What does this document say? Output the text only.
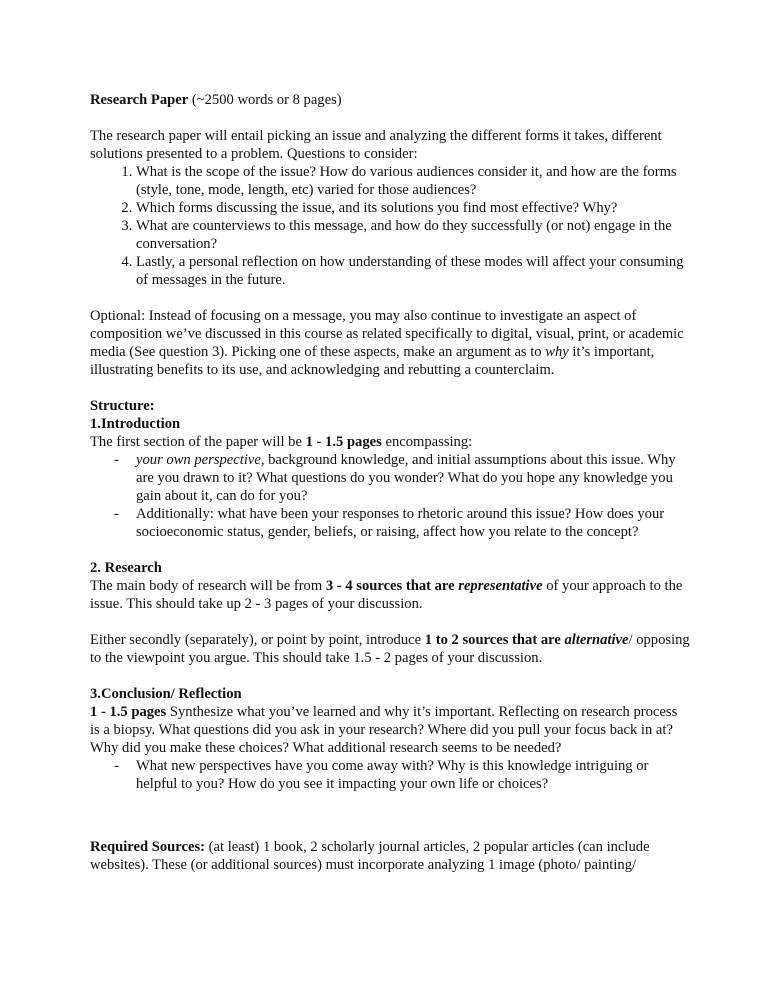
Research Paper (~2500 words or 8 pages)

The research paper will entail picking an issue and analyzing the different forms it takes, different solutions presented to a problem. Questions to consider:

1. What is the scope of the issue? How do various audiences consider it, and how are the forms (style, tone, mode, length, etc) varied for those audiences?
2. Which forms discussing the issue, and its solutions you find most effective? Why?
3. What are counterviews to this message, and how do they successfully (or not) engage in the conversation?
4. Lastly, a personal reflection on how understanding of these modes will affect your consuming of messages in the future.

Optional: Instead of focusing on a message, you may also continue to investigate an aspect of composition we’ve discussed in this course as related specifically to digital, visual, print, or academic media (See question 3). Picking one of these aspects, make an argument as to why it’s important, illustrating benefits to its use, and acknowledging and rebutting a counterclaim.

Structure:

1.Introduction

The first section of the paper will be 1 - 1.5 pages encompassing:

- your own perspective, background knowledge, and initial assumptions about this issue. Why are you drawn to it? What questions do you wonder? What do you hope any knowledge you gain about it, can do for you?
- Additionally: what have been your responses to rhetoric around this issue? How does your socioeconomic status, gender, beliefs, or raising, affect how you relate to the concept?

2. Research

The main body of research will be from 3 - 4 sources that are representative of your approach to the issue. This should take up 2 - 3 pages of your discussion.

Either secondly (separately), or point by point, introduce 1 to 2 sources that are alternative/ opposing to the viewpoint you argue. This should take 1.5 - 2 pages of your discussion.

3.Conclusion/ Reflection

1 - 1.5 pages Synthesize what you’ve learned and why it’s important. Reflecting on research process is a biopsy. What questions did you ask in your research? Where did you pull your focus back in at? Why did you make these choices? What additional research seems to be needed?

- What new perspectives have you come away with? Why is this knowledge intriguing or helpful to you? How do you see it impacting your own life or choices?

Required Sources: (at least) 1 book, 2 scholarly journal articles, 2 popular articles (can include websites). These (or additional sources) must incorporate analyzing 1 image (photo/ painting/
